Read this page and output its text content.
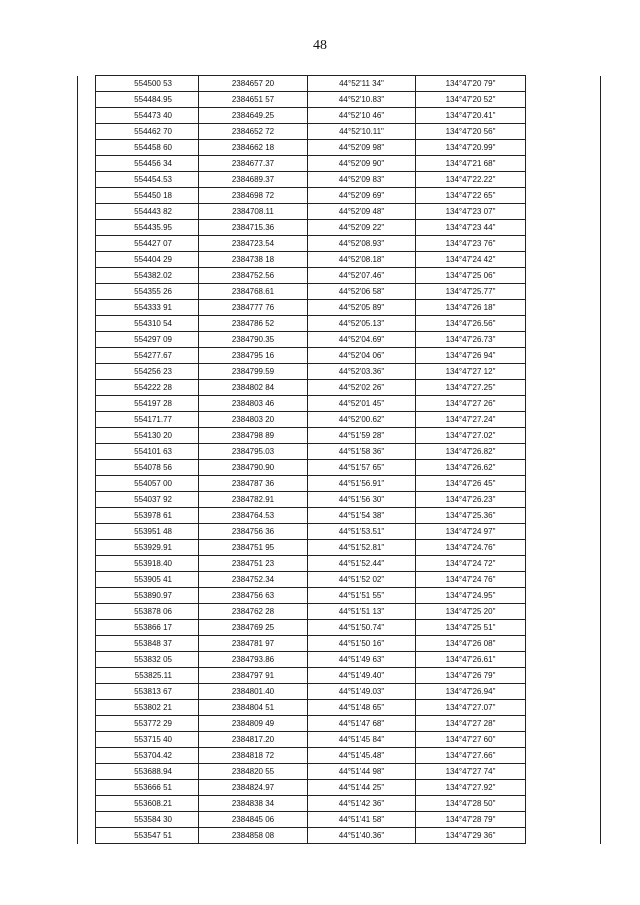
48
	554500 53	2384657 20	44°52'11 34"	134°47'20 79"	
	554484.95	2384651 57	44°52'10.83"	134°47'20 52"	
	554473 40	2384649.25	44°52'10 46"	134°47'20.41"	
	554462 70	2384652 72	44°52'10.11"	134°47'20 56"	
	554458 60	2384662 18	44°52'09 98"	134°47'20.99"	
	554456 34	2384677.37	44°52'09 90"	134°47'21 68"	
	554454.53	2384689.37	44°52'09 83"	134°47'22.22"	
	554450 18	2384698 72	44°52'09 69"	134°47'22 65"	
	554443 82	2384708.11	44°52'09 48"	134°47'23 07"	
	554435.95	2384715.36	44°52'09 22"	134°47'23 44"	
	554427 07	2384723.54	44°52'08.93"	134°47'23 76"	
	554404 29	2384738 18	44°52'08.18"	134°47'24 42"	
	554382.02	2384752.56	44°52'07.46"	134°47'25 06"	
	554355 26	2384768.61	44°52'06 58"	134°47'25.77"	
	554333 91	2384777 76	44°52'05 89"	134°47'26 18"	
	554310 54	2384786 52	44°52'05.13"	134°47'26.56"	
	554297 09	2384790.35	44°52'04.69"	134°47'26.73"	
	554277.67	2384795 16	44°52'04 06"	134°47'26 94"	
	554256 23	2384799.59	44°52'03.36"	134°47'27 12"	
	554222 28	2384802 84	44°52'02 26"	134°47'27.25"	
	554197 28	2384803 46	44°52'01 45"	134°47'27 26"	
	554171.77	2384803 20	44°52'00.62"	134°47'27.24"	
	554130 20	2384798 89	44°51'59 28"	134°47'27.02"	
	554101 63	2384795.03	44°51'58 36"	134°47'26.82"	
	554078 56	2384790.90	44°51'57 65"	134°47'26.62"	
	554057 00	2384787 36	44°51'56.91"	134°47'26 45"	
	554037 92	2384782.91	44°51'56 30"	134°47'26.23"	
	553978 61	2384764.53	44°51'54 38"	134°47'25.36"	
	553951 48	2384756 36	44°51'53.51"	134°47'24 97"	
	553929.91	2384751 95	44°51'52.81"	134°47'24.76"	
	553918.40	2384751 23	44°51'52.44"	134°47'24 72"	
	553905 41	2384752.34	44°51'52 02"	134°47'24 76"	
	553890.97	2384756 63	44°51'51 55"	134°47'24.95"	
	553878 06	2384762 28	44°51'51 13"	134°47'25 20"	
	553866 17	2384769 25	44°51'50.74"	134°47'25 51"	
	553848 37	2384781 97	44°51'50 16"	134°47'26 08"	
	553832 05	2384793.86	44°51'49 63"	134°47'26.61"	
	553825.11	2384797 91	44°51'49.40"	134°47'26 79"	
	553813 67	2384801.40	44°51'49.03"	134°47'26.94"	
	553802 21	2384804 51	44°51'48 65"	134°47'27.07"	
	553772 29	2384809 49	44°51'47 68"	134°47'27 28"	
	553715 40	2384817.20	44°51'45 84"	134°47'27 60"	
	553704.42	2384818 72	44°51'45.48"	134°47'27.66"	
	553688.94	2384820 55	44°51'44 98"	134°47'27 74"	
	553666 51	2384824.97	44°51'44 25"	134°47'27.92"	
	553608.21	2384838 34	44°51'42 36"	134°47'28 50"	
	553584 30	2384845 06	44°51'41 58"	134°47'28 79"	
	553547 51	2384858 08	44°51'40.36"	134°47'29 36"	
